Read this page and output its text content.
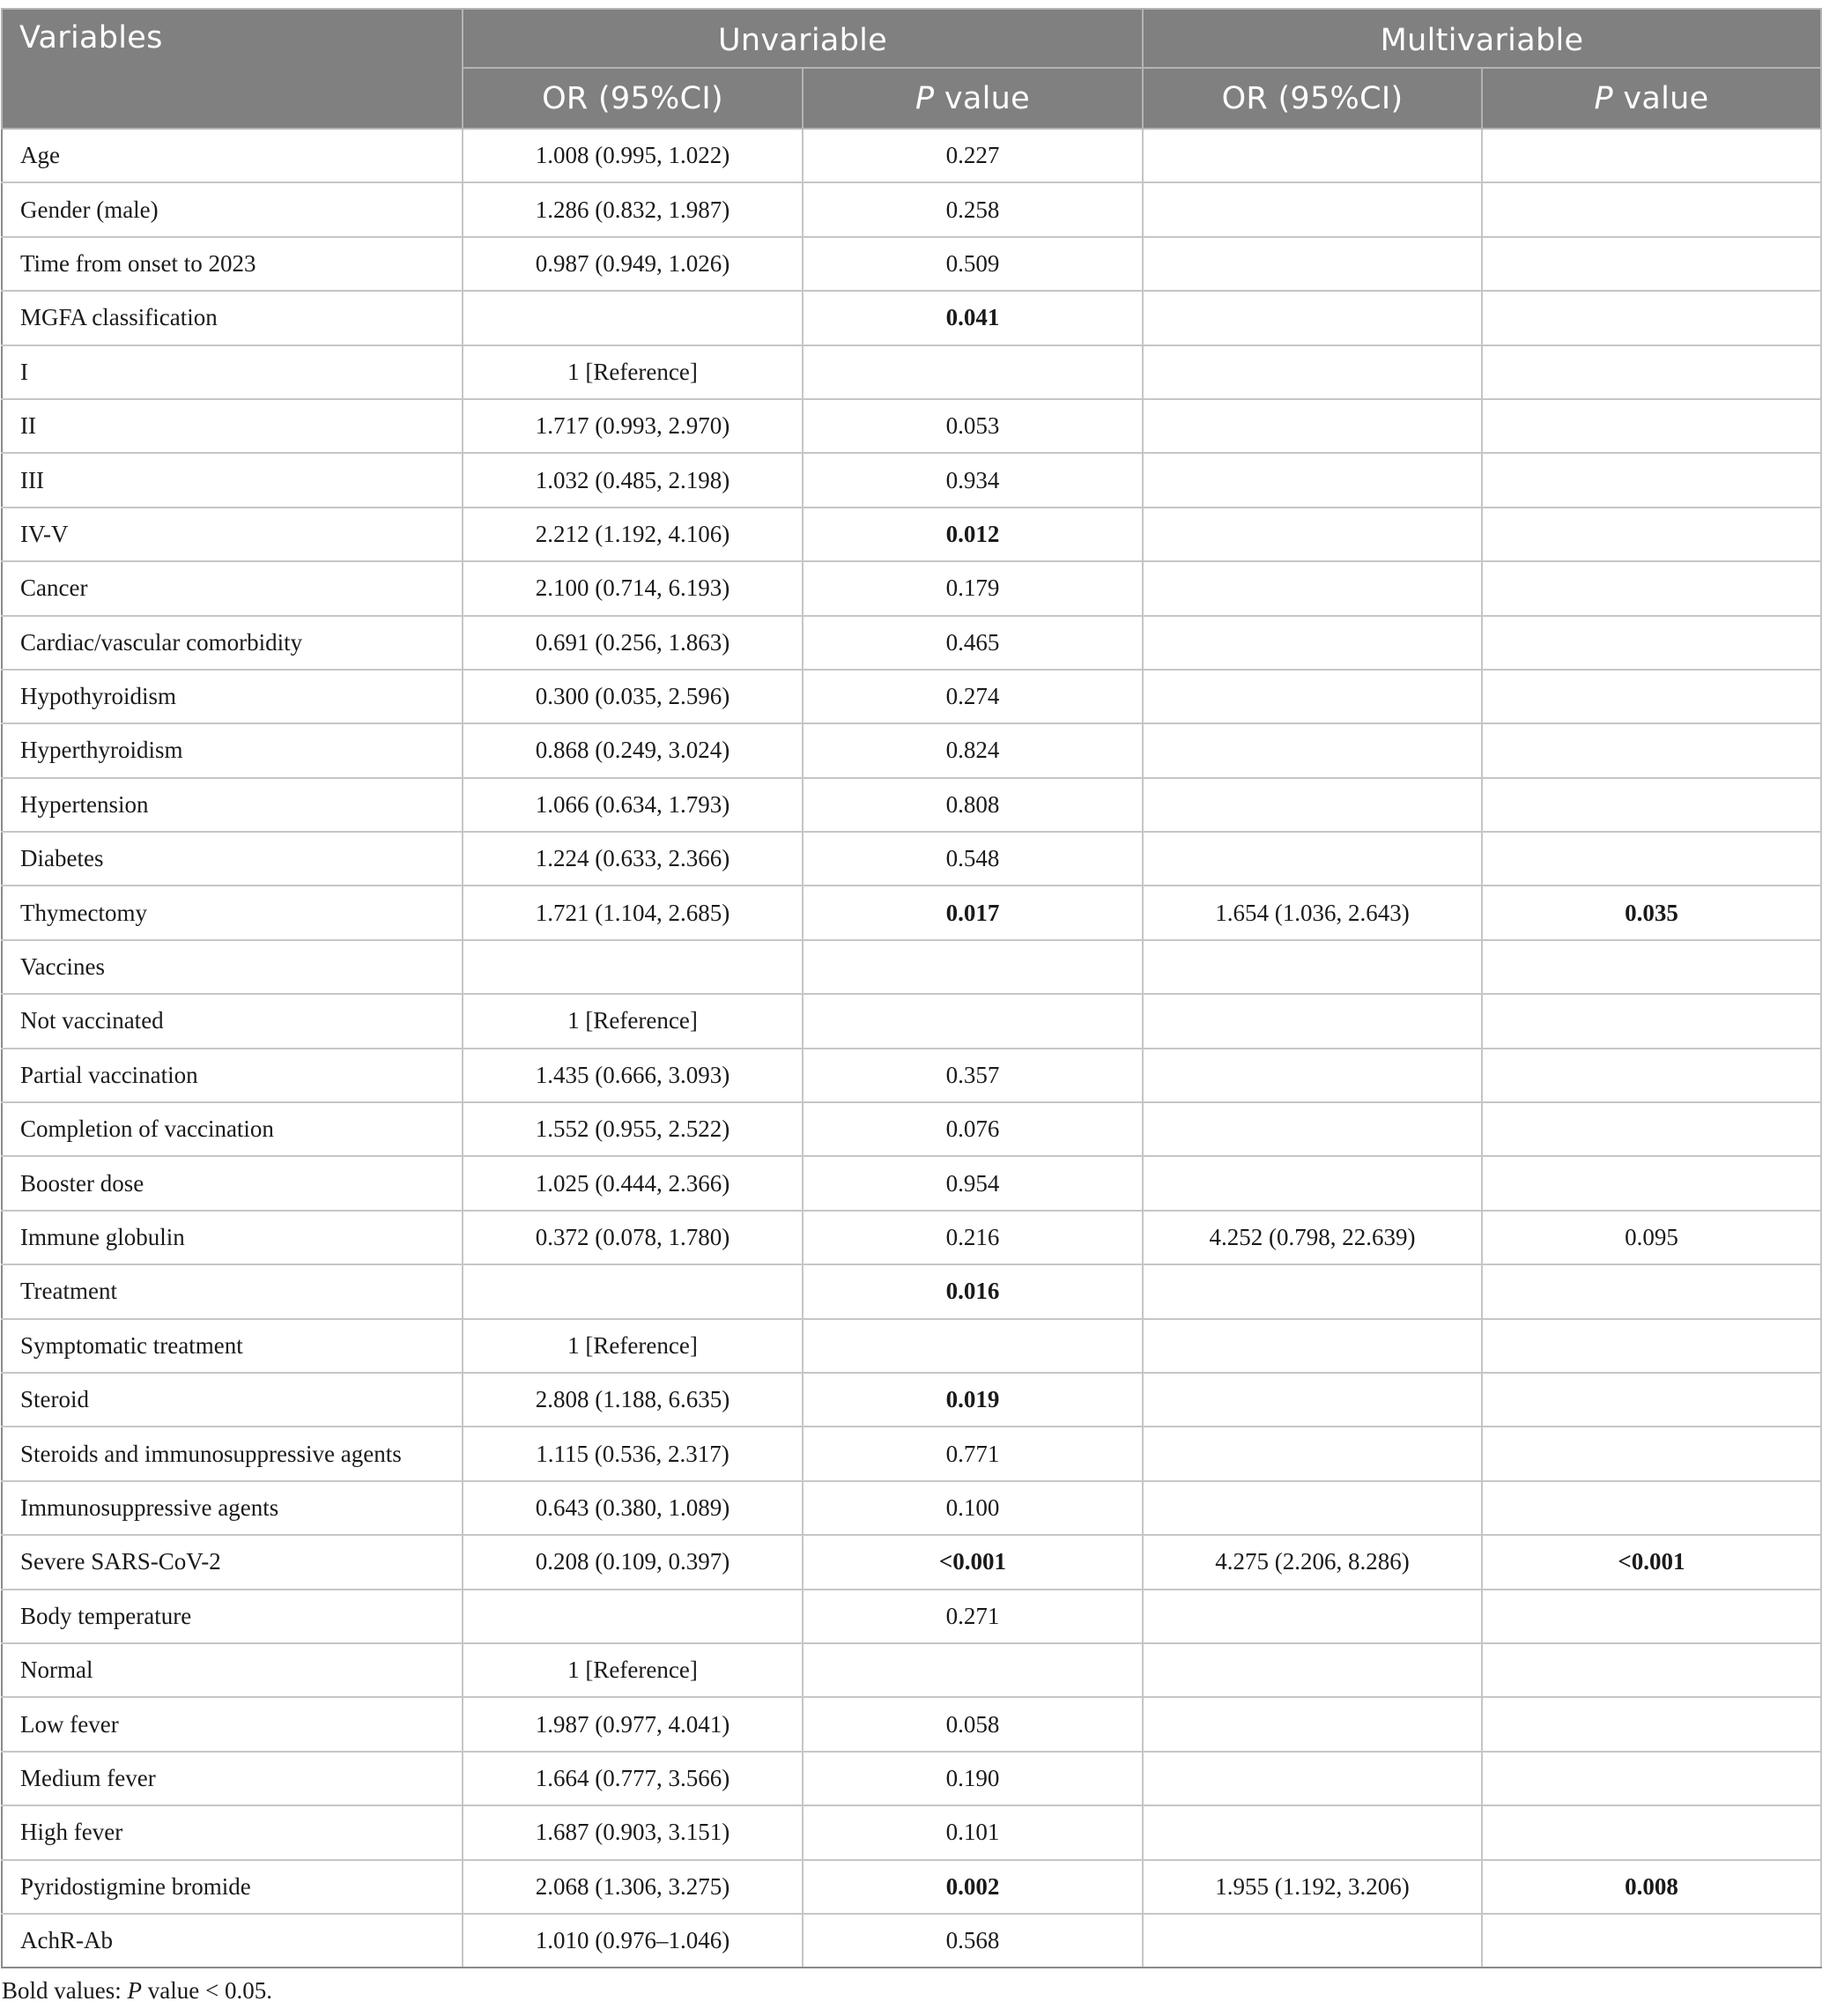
Variables	Unvariable		Multivariable	
	OR (95%CI)	P value	OR (95%CI)	P value
Age	1.008 (0.995, 1.022)	0.227		
Gender (male)	1.286 (0.832, 1.987)	0.258		
Time from onset to 2023	0.987 (0.949, 1.026)	0.509		
MGFA classification		0.041		
I	1 [Reference]			
II	1.717 (0.993, 2.970)	0.053		
III	1.032 (0.485, 2.198)	0.934		
IV-V	2.212 (1.192, 4.106)	0.012		
Cancer	2.100 (0.714, 6.193)	0.179		
Cardiac/vascular comorbidity	0.691 (0.256, 1.863)	0.465		
Hypothyroidism	0.300 (0.035, 2.596)	0.274		
Hyperthyroidism	0.868 (0.249, 3.024)	0.824		
Hypertension	1.066 (0.634, 1.793)	0.808		
Diabetes	1.224 (0.633, 2.366)	0.548		
Thymectomy	1.721 (1.104, 2.685)	0.017	1.654 (1.036, 2.643)	0.035
Vaccines				
Not vaccinated	1 [Reference]			
Partial vaccination	1.435 (0.666, 3.093)	0.357		
Completion of vaccination	1.552 (0.955, 2.522)	0.076		
Booster dose	1.025 (0.444, 2.366)	0.954		
Immune globulin	0.372 (0.078, 1.780)	0.216	4.252 (0.798, 22.639)	0.095
Treatment		0.016		
Symptomatic treatment	1 [Reference]			
Steroid	2.808 (1.188, 6.635)	0.019		
Steroids and immunosuppressive agents	1.115 (0.536, 2.317)	0.771		
Immunosuppressive agents	0.643 (0.380, 1.089)	0.100		
Severe SARS-CoV-2	0.208 (0.109, 0.397)	<0.001	4.275 (2.206, 8.286)	<0.001
Body temperature		0.271		
Normal	1 [Reference]			
Low fever	1.987 (0.977, 4.041)	0.058		
Medium fever	1.664 (0.777, 3.566)	0.190		
High fever	1.687 (0.903, 3.151)	0.101		
Pyridostigmine bromide	2.068 (1.306, 3.275)	0.002	1.955 (1.192, 3.206)	0.008
AchR-Ab	1.010 (0.976–1.046)	0.568		
Bold values: P value < 0.05.
